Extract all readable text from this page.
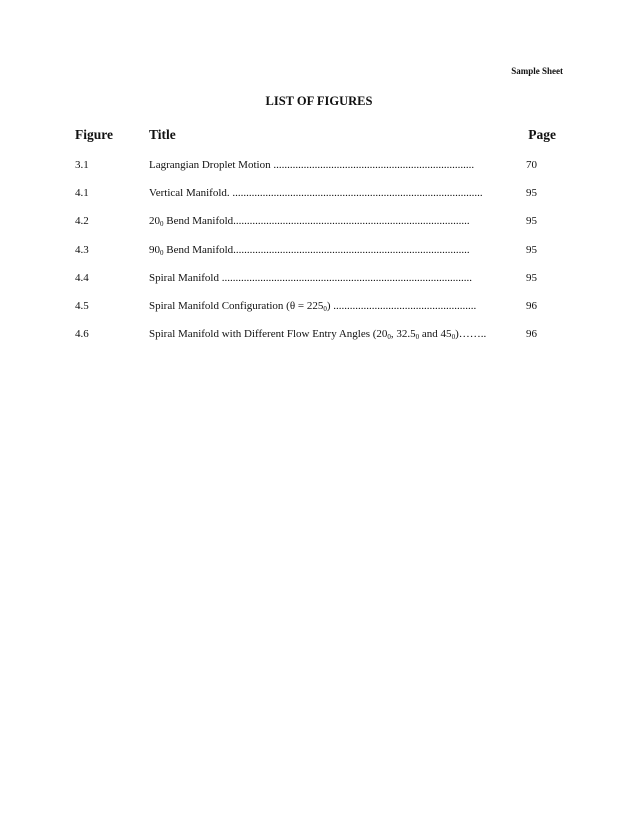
Sample Sheet
LIST OF FIGURES
Figure	Title	Page
3.1	Lagrangian Droplet Motion .........................................................................	70
4.1	Vertical Manifold. ...........................................................................................	95
4.2	$20_0$ Bend Manifold......................................................................................	95
4.3	$90_0$ Bend Manifold......................................................................................	95
4.4	Spiral Manifold ...........................................................................................	95
4.5	Spiral Manifold Configuration $(\theta = 225_0)$ ....................................................	96
4.6	Spiral Manifold with Different Flow Entry Angles ($20_0$, $32.5_0$ and $45_0)\dots\dots$..	96
